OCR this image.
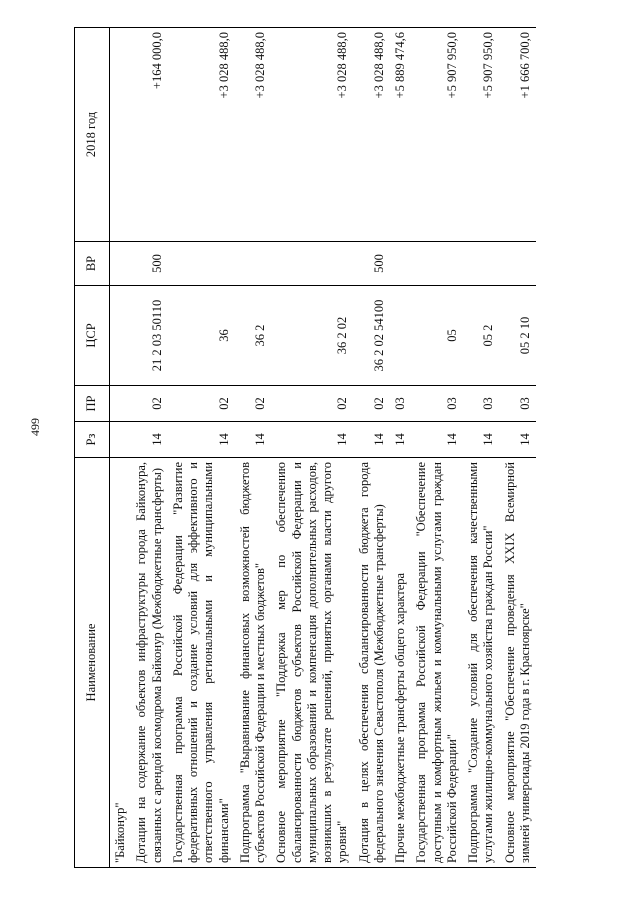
499
Наименование	Рз	ПР	ЦСР	ВР	2018 год
"Байконур"					
Дотации на содержание объектов инфраструктуры города Байконура, связанных с арендой космодрома Байконур (Межбюджетные трансферты)	14	02	21 2 03 50110	500	+164 000,0
Государственная программа Российской Федерации "Развитие федеративных отношений и создание условий для эффективного и ответственного управления региональными и муниципальными финансами"	14	02	36		+3 028 488,0
Подпрограмма "Выравнивание финансовых возможностей бюджетов субъектов Российской Федерации и местных бюджетов"	14	02	36 2		+3 028 488,0
Основное мероприятие "Поддержка мер по обеспечению сбалансированности бюджетов субъектов Российской Федерации и муниципальных образований и компенсация дополнительных расходов, возникших в результате решений, принятых органами власти другого уровня"	14	02	36 2 02		+3 028 488,0
Дотация в целях обеспечения сбалансированности бюджета города федерального значения Севастополя (Межбюджетные трансферты)	14	02	36 2 02 54100	500	+3 028 488,0
Прочие межбюджетные трансферты общего характера	14	03			+5 889 474,6
Государственная программа Российской Федерации "Обеспечение доступным и комфортным жильем и коммунальными услугами граждан Российской Федерации"	14	03	05		+5 907 950,0
Подпрограмма "Создание условий для обеспечения качественными услугами жилищно-коммунального хозяйства граждан России"	14	03	05 2		+5 907 950,0
Основное мероприятие "Обеспечение проведения XXIX Всемирной зимней универсиады 2019 года в г. Красноярске"	14	03	05 2 10		+1 666 700,0
